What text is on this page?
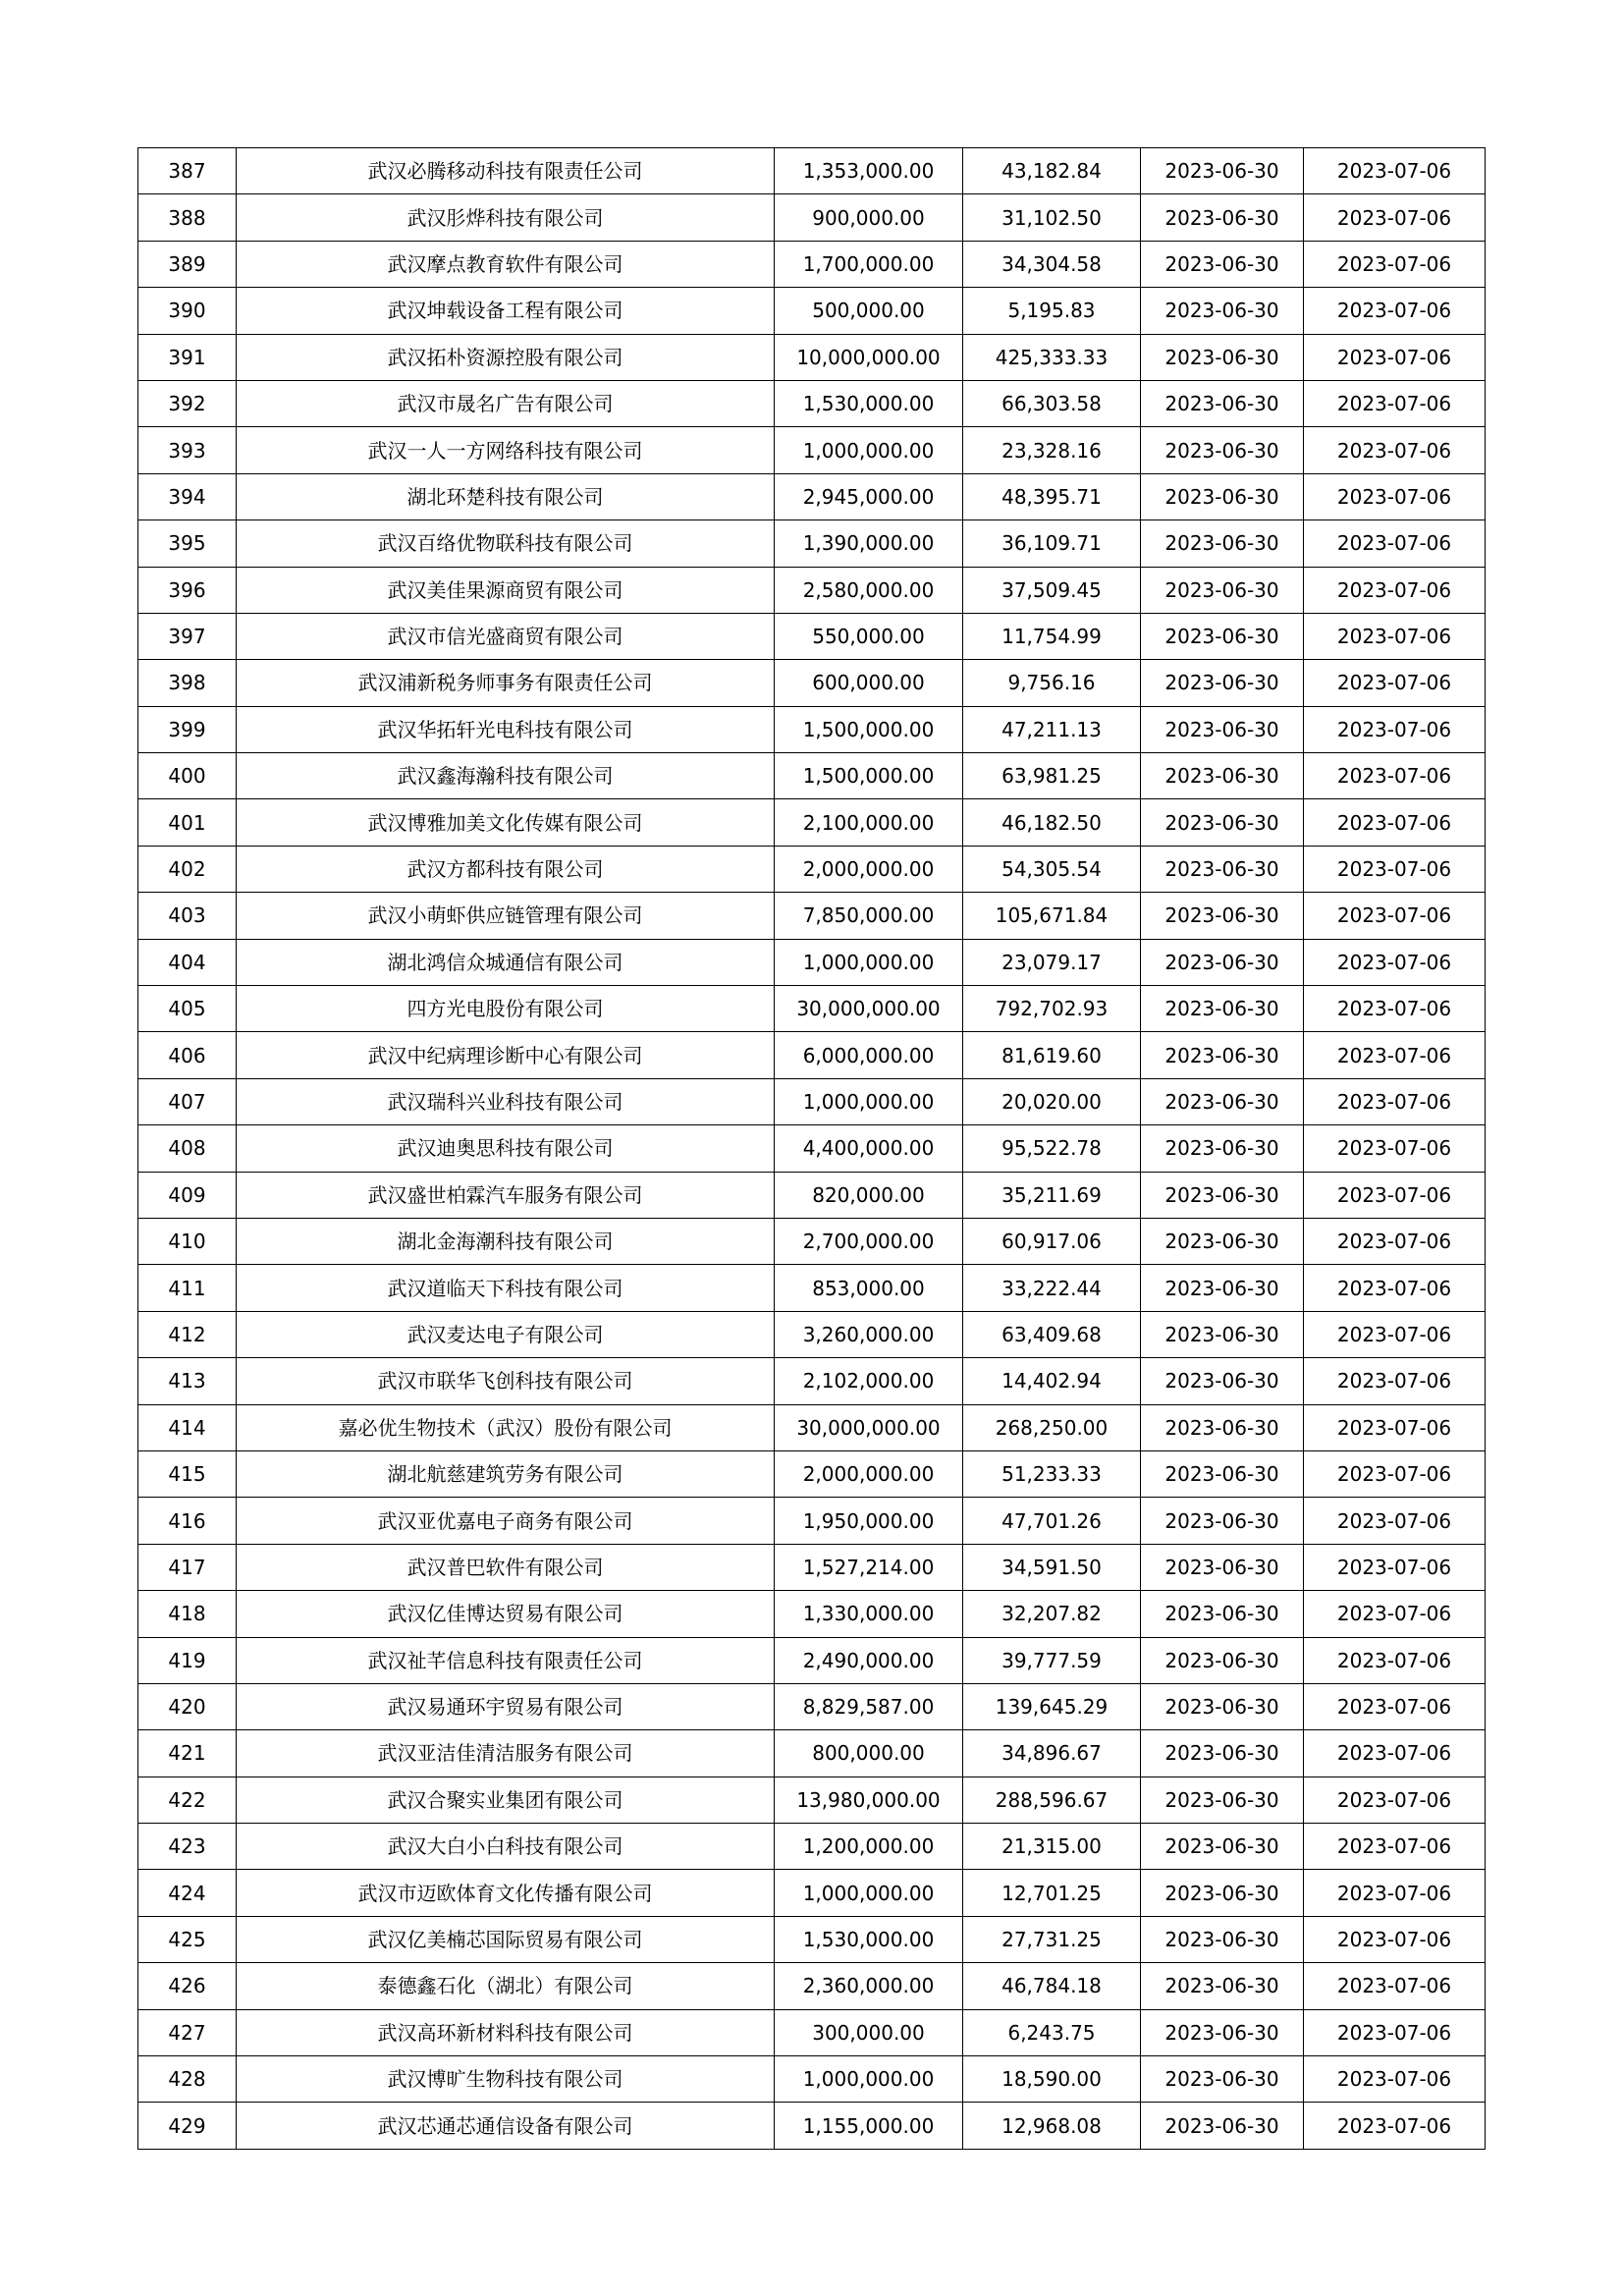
387	武汉必腾移动科技有限责任公司	1,353,000.00	43,182.84	2023-06-30	2023-07-06
388	武汉肜烨科技有限公司	900,000.00	31,102.50	2023-06-30	2023-07-06
389	武汉摩点教育软件有限公司	1,700,000.00	34,304.58	2023-06-30	2023-07-06
390	武汉坤载设备工程有限公司	500,000.00	5,195.83	2023-06-30	2023-07-06
391	武汉拓朴资源控股有限公司	10,000,000.00	425,333.33	2023-06-30	2023-07-06
392	武汉市晟名广告有限公司	1,530,000.00	66,303.58	2023-06-30	2023-07-06
393	武汉一人一方网络科技有限公司	1,000,000.00	23,328.16	2023-06-30	2023-07-06
394	湖北环楚科技有限公司	2,945,000.00	48,395.71	2023-06-30	2023-07-06
395	武汉百络优物联科技有限公司	1,390,000.00	36,109.71	2023-06-30	2023-07-06
396	武汉美佳果源商贸有限公司	2,580,000.00	37,509.45	2023-06-30	2023-07-06
397	武汉市信光盛商贸有限公司	550,000.00	11,754.99	2023-06-30	2023-07-06
398	武汉浦新税务师事务有限责任公司	600,000.00	9,756.16	2023-06-30	2023-07-06
399	武汉华拓轩光电科技有限公司	1,500,000.00	47,211.13	2023-06-30	2023-07-06
400	武汉鑫海瀚科技有限公司	1,500,000.00	63,981.25	2023-06-30	2023-07-06
401	武汉博雅加美文化传媒有限公司	2,100,000.00	46,182.50	2023-06-30	2023-07-06
402	武汉方都科技有限公司	2,000,000.00	54,305.54	2023-06-30	2023-07-06
403	武汉小萌虾供应链管理有限公司	7,850,000.00	105,671.84	2023-06-30	2023-07-06
404	湖北鸿信众城通信有限公司	1,000,000.00	23,079.17	2023-06-30	2023-07-06
405	四方光电股份有限公司	30,000,000.00	792,702.93	2023-06-30	2023-07-06
406	武汉中纪病理诊断中心有限公司	6,000,000.00	81,619.60	2023-06-30	2023-07-06
407	武汉瑞科兴业科技有限公司	1,000,000.00	20,020.00	2023-06-30	2023-07-06
408	武汉迪奥思科技有限公司	4,400,000.00	95,522.78	2023-06-30	2023-07-06
409	武汉盛世柏霖汽车服务有限公司	820,000.00	35,211.69	2023-06-30	2023-07-06
410	湖北金海潮科技有限公司	2,700,000.00	60,917.06	2023-06-30	2023-07-06
411	武汉道临天下科技有限公司	853,000.00	33,222.44	2023-06-30	2023-07-06
412	武汉麦达电子有限公司	3,260,000.00	63,409.68	2023-06-30	2023-07-06
413	武汉市联华飞创科技有限公司	2,102,000.00	14,402.94	2023-06-30	2023-07-06
414	嘉必优生物技术（武汉）股份有限公司	30,000,000.00	268,250.00	2023-06-30	2023-07-06
415	湖北航慈建筑劳务有限公司	2,000,000.00	51,233.33	2023-06-30	2023-07-06
416	武汉亚优嘉电子商务有限公司	1,950,000.00	47,701.26	2023-06-30	2023-07-06
417	武汉普巴软件有限公司	1,527,214.00	34,591.50	2023-06-30	2023-07-06
418	武汉亿佳博达贸易有限公司	1,330,000.00	32,207.82	2023-06-30	2023-07-06
419	武汉祉芊信息科技有限责任公司	2,490,000.00	39,777.59	2023-06-30	2023-07-06
420	武汉易通环宇贸易有限公司	8,829,587.00	139,645.29	2023-06-30	2023-07-06
421	武汉亚洁佳清洁服务有限公司	800,000.00	34,896.67	2023-06-30	2023-07-06
422	武汉合聚实业集团有限公司	13,980,000.00	288,596.67	2023-06-30	2023-07-06
423	武汉大白小白科技有限公司	1,200,000.00	21,315.00	2023-06-30	2023-07-06
424	武汉市迈欧体育文化传播有限公司	1,000,000.00	12,701.25	2023-06-30	2023-07-06
425	武汉亿美楠芯国际贸易有限公司	1,530,000.00	27,731.25	2023-06-30	2023-07-06
426	泰德鑫石化（湖北）有限公司	2,360,000.00	46,784.18	2023-06-30	2023-07-06
427	武汉高环新材料科技有限公司	300,000.00	6,243.75	2023-06-30	2023-07-06
428	武汉博旷生物科技有限公司	1,000,000.00	18,590.00	2023-06-30	2023-07-06
429	武汉芯通芯通信设备有限公司	1,155,000.00	12,968.08	2023-06-30	2023-07-06
